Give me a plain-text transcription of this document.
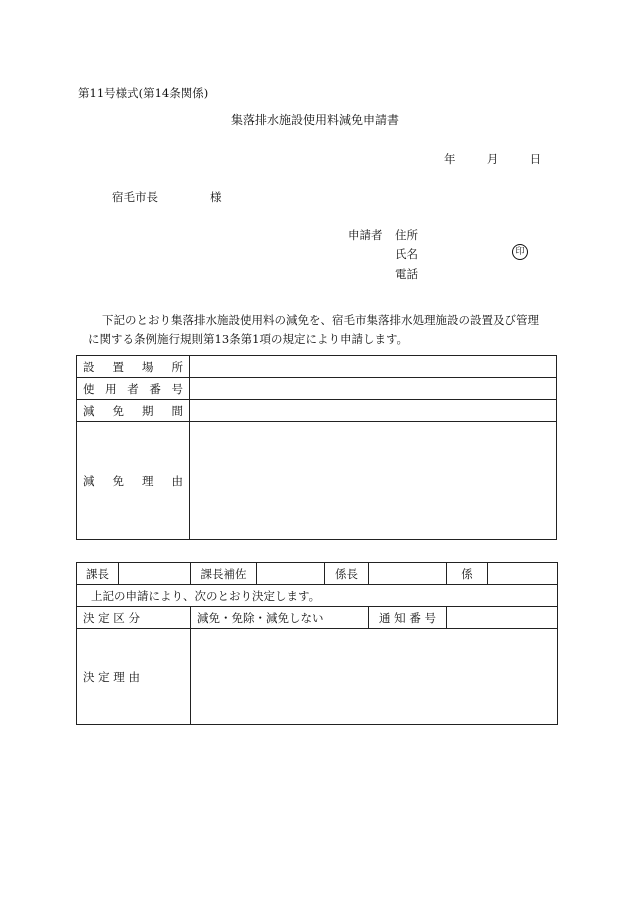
第11号様式(第14条関係)
集落排水施設使用料減免申請書
年	月	日
宿毛市長	様
申請者 住所
氏名	印
電話

下記のとおり集落排水施設使用料の減免を、宿毛市集落排水処理施設の設置及び管理

に関する条例施行規則第13条第1項の規定により申請します。

設 置 場 所	

使 用 者 番 号	

減 免 期 間	

減 免 理 由	

課長		課長補佐		係長		係	
上記の申請により、次のとおり決定します。							
決 定 区 分		減免・免除・減免しない			通 知 番 号		
決 定 理 由							
